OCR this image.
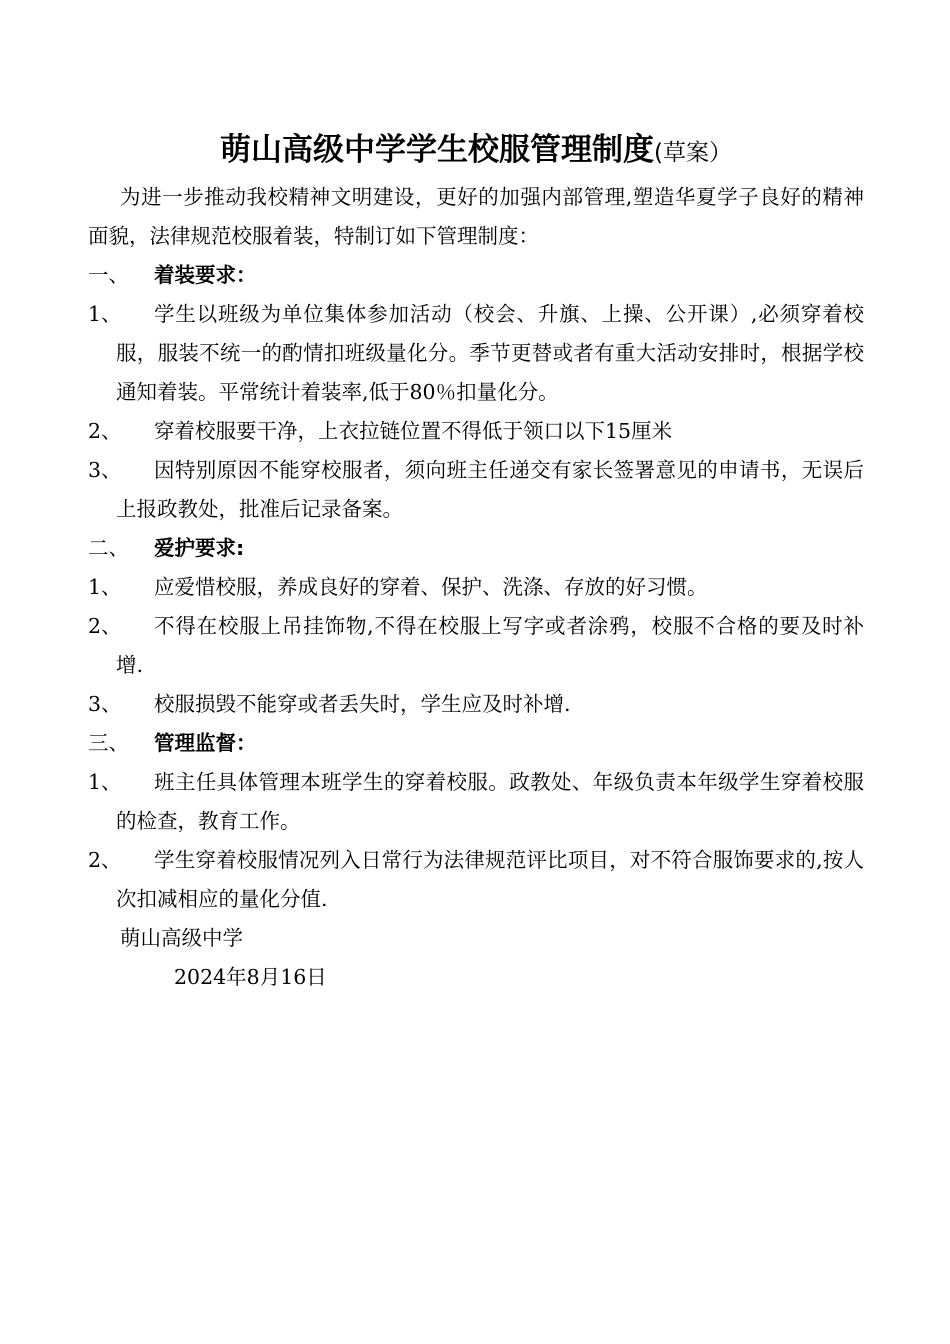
萌山高级中学学生校服管理制度(草案）

为进一步推动我校精神文明建设，更好的加强内部管理,塑造华夏学子良好的精神面貌，法律规范校服着装，特制订如下管理制度：

一、	着装要求：
1、	学生以班级为单位集体参加活动（校会、升旗、上操、公开课）,必须穿着校服，服装不统一的酌情扣班级量化分。季节更替或者有重大活动安排时，根据学校通知着装。平常统计着装率,低于80％扣量化分。
2、	穿着校服要干净，上衣拉链位置不得低于领口以下15厘米
3、	因特别原因不能穿校服者，须向班主任递交有家长签署意见的申请书，无误后上报政教处，批准后记录备案。
二、	爱护要求:
1、	应爱惜校服，养成良好的穿着、保护、洗涤、存放的好习惯。
2、	不得在校服上吊挂饰物,不得在校服上写字或者涂鸦，校服不合格的要及时补增.
3、	校服损毁不能穿或者丢失时，学生应及时补增.
三、	管理监督：
1、	班主任具体管理本班学生的穿着校服。政教处、年级负责本年级学生穿着校服的检查，教育工作。
2、	学生穿着校服情况列入日常行为法律规范评比项目，对不符合服饰要求的,按人次扣减相应的量化分值.

萌山高级中学

2024年8月16日
